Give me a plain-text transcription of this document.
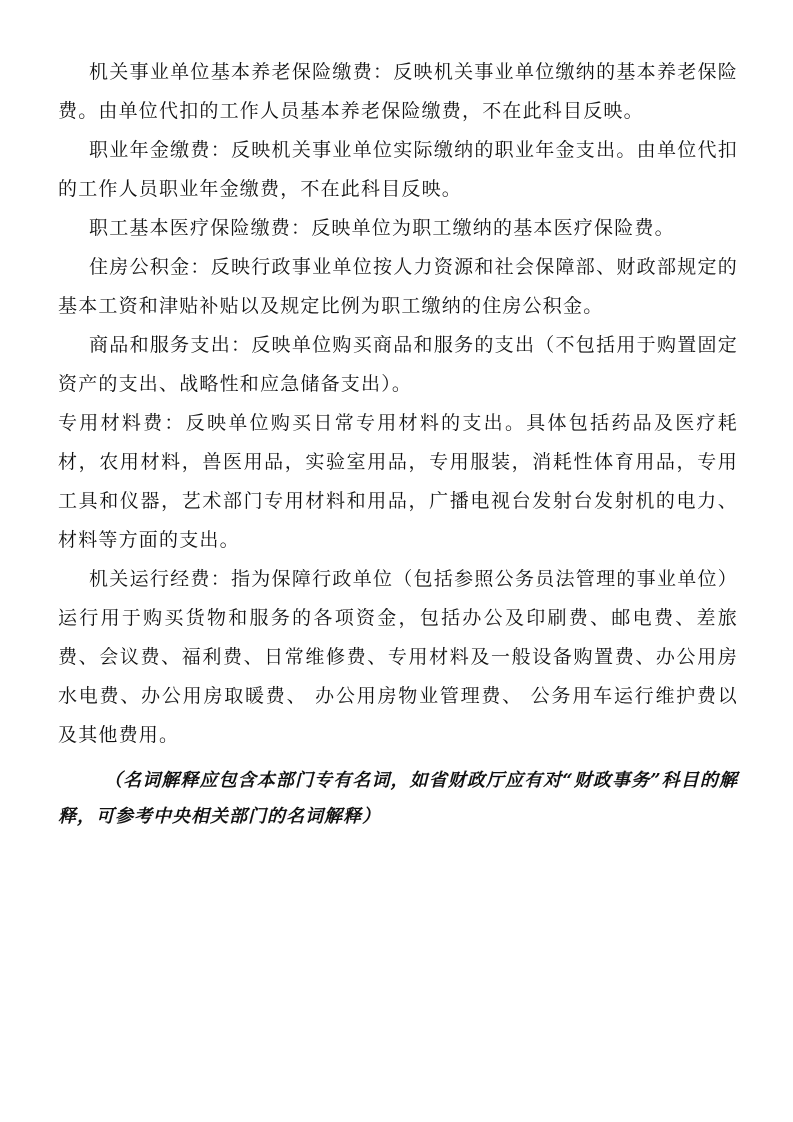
机关事业单位基本养老保险缴费：反映机关事业单位缴纳的基本养老保险费。由单位代扣的工作人员基本养老保险缴费，不在此科目反映。

职业年金缴费：反映机关事业单位实际缴纳的职业年金支出。由单位代扣的工作人员职业年金缴费，不在此科目反映。

职工基本医疗保险缴费：反映单位为职工缴纳的基本医疗保险费。

住房公积金：反映行政事业单位按人力资源和社会保障部、财政部规定的基本工资和津贴补贴以及规定比例为职工缴纳的住房公积金。

商品和服务支出：反映单位购买商品和服务的支出（不包括用于购置固定资产的支出、战略性和应急储备支出）。

专用材料费：反映单位购买日常专用材料的支出。具体包括药品及医疗耗材，农用材料，兽医用品，实验室用品，专用服装，消耗性体育用品，专用工具和仪器，艺术部门专用材料和用品，广播电视台发射台发射机的电力、材料等方面的支出。

机关运行经费：指为保障行政单位（包括参照公务员法管理的事业单位）运行用于购买货物和服务的各项资金，包括办公及印刷费、邮电费、差旅费、会议费、福利费、日常维修费、专用材料及一般设备购置费、办公用房水电费、办公用房取暖费、 办公用房物业管理费、 公务用车运行维护费以及其他费用。

（名词解释应包含本部门专有名词，如省财政厅应有对“财政事务”科目的解释，可参考中央相关部门的名词解释）
